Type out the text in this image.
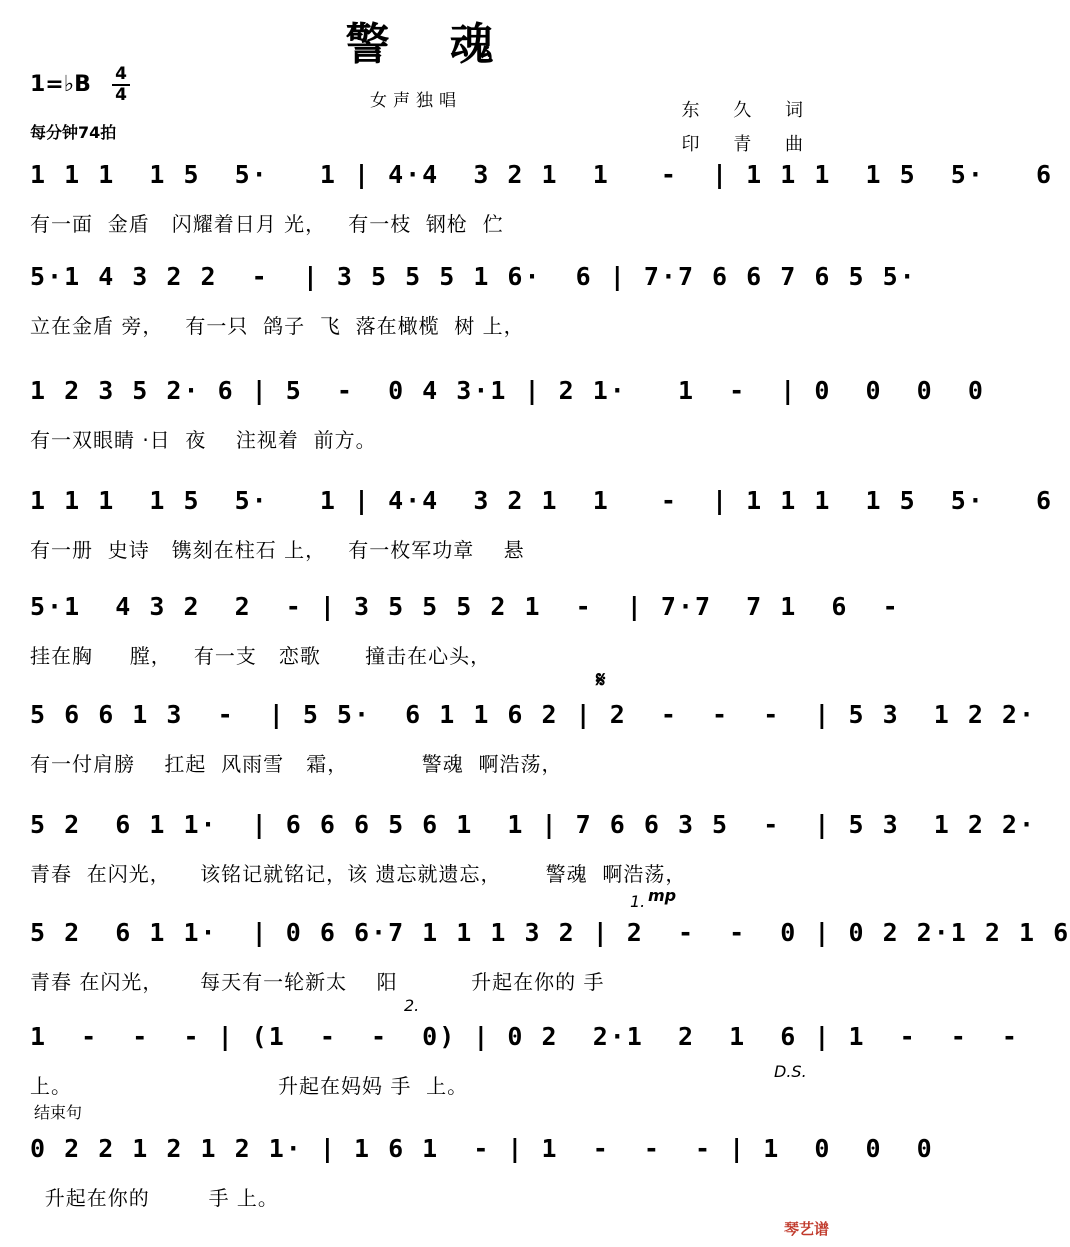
警魂
1=♭B 4
4
每分钟74拍
女声独唱	东 久 词
印 青 曲
1 1 1  1 5  5·   1 | 4·4  3 2 1  1   -  | 1 1 1  1 5  5·   6
有一面  金盾   闪耀着日月 光，   有一枝  钢枪  伫
5·1 4 3 2 2  -  | 3 5 5 5 1 6·  6 | 7·7 6 6 7 6 5 5·
立在金盾 旁，   有一只  鸽子  飞  落在橄榄  树 上，
1 2 3 5 2· 6 | 5  -  0 4 3·1 | 2 1·   1  -  | 0  0  0  0
有一双眼睛 ·日  夜    注视着  前方。
1 1 1  1 5  5·   1 | 4·4  3 2 1  1   -  | 1 1 1  1 5  5·   6
有一册  史诗   镌刻在柱石 上，   有一枚军功章    悬
5·1  4 3 2  2  - | 3 5 5 5 2 1  -  | 7·7  7 1  6  -
挂在胸     膛，   有一支   恋歌      撞击在心头，
5 6 6 1 3  -  | 5 5·  6 1 1 6 2 | 2  -  -  -  | 5 3  1 2 2·
有一付肩膀    扛起  风雨雪   霜，          警魂  啊浩荡，
5 2  6 1 1·  | 6 6 6 5 6 1  1 | 7 6 6 3 5  -  | 5 3  1 2 2·
青春  在闪光，    该铭记就铭记，该 遗忘就遗忘，      警魂  啊浩荡，
5 2  6 1 1·  | 0 6 6·7 1 1 1 3 2 | 2  -  -  0 | 0 2 2·1 2 1 6
青春 在闪光，     每天有一轮新太    阳          升起在你的 手
1  -  -  - | (1  -  -  0) | 0 2  2·1  2  1  6 | 1  -  -  -
上。                            升起在妈妈 手  上。
0 2 2 1 2 1 2 1· | 1 6 1  - | 1  -  -  - | 1  0  0  0
升起在你的        手 上。
𝄋
1. mp
2.
D.S.
结束句
琴艺谱
